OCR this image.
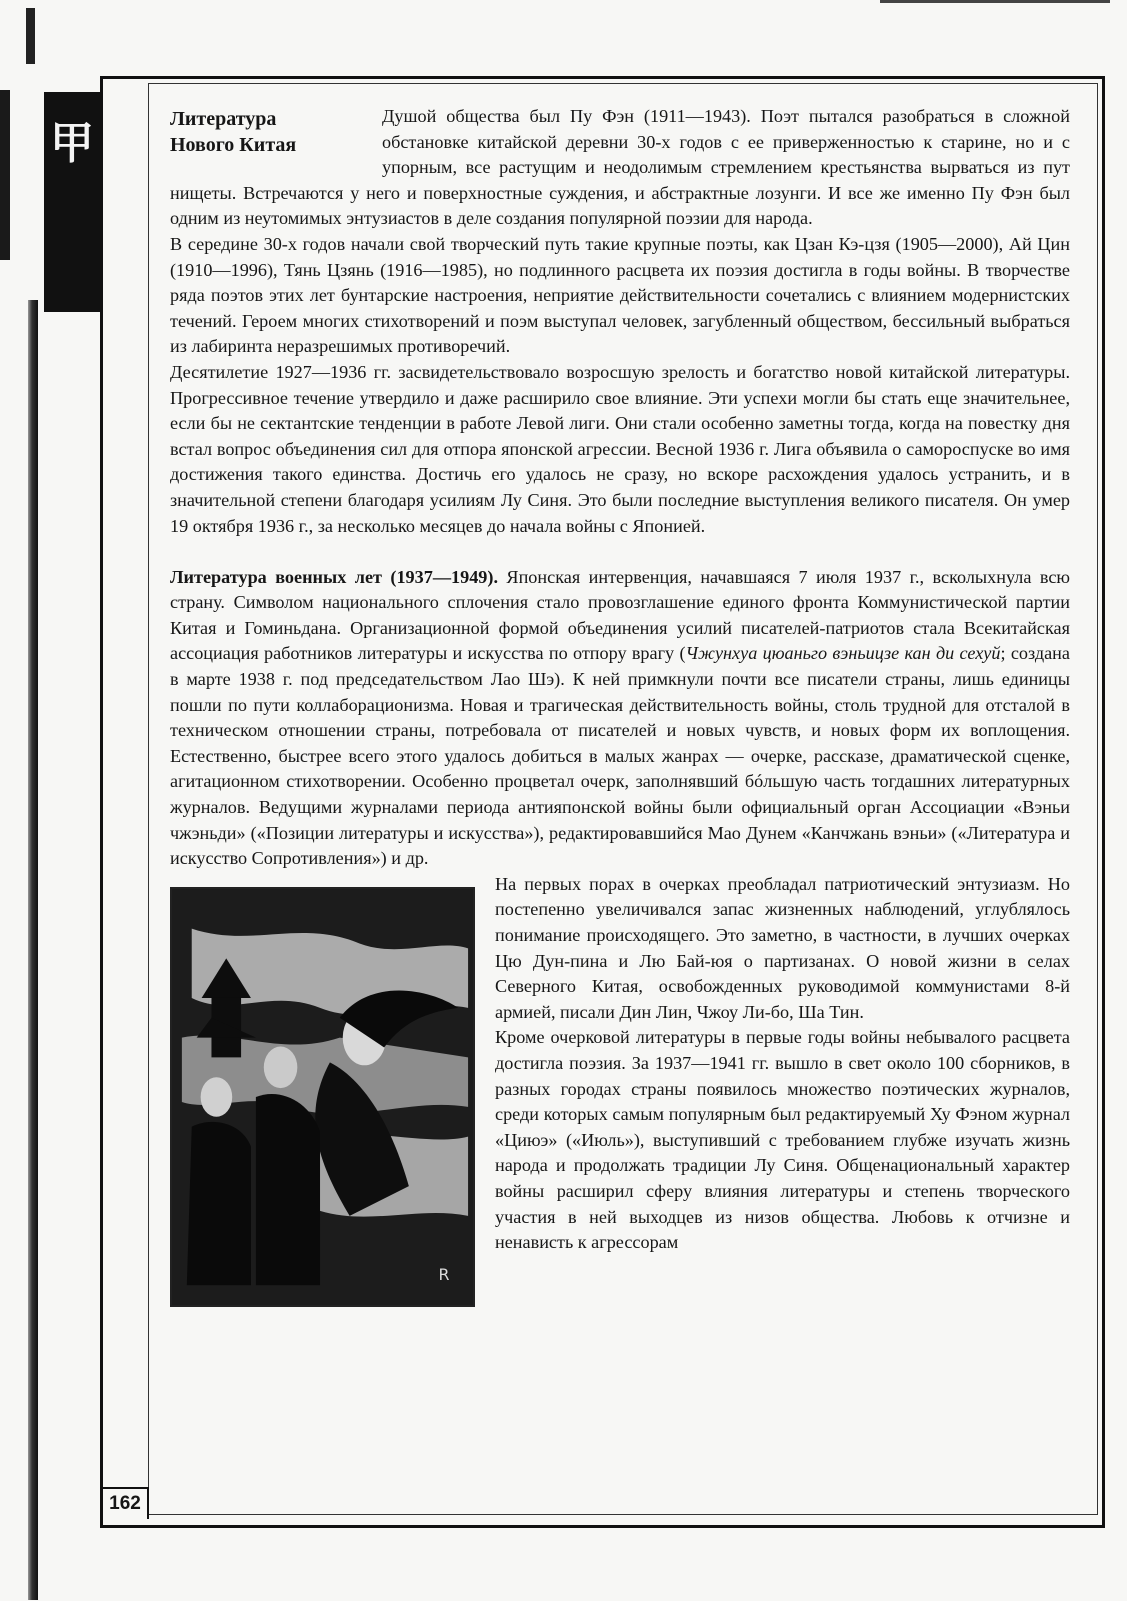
甲
162
Литература
Нового Китая

Душой общества был Пу Фэн (1911—1943). Поэт пытался разобраться в сложной обстановке китайской деревни 30-х годов с ее приверженностью к старине, но и с упорным, все растущим и неодолимым стремлением крестьянства вырваться из пут нищеты. Встречаются у него и поверхностные суждения, и абстрактные лозунги. И все же именно Пу Фэн был одним из неутомимых энтузиастов в деле создания популярной поэзии для народа.

В середине 30-х годов начали свой творческий путь такие крупные поэты, как Цзан Кэ-цзя (1905—2000), Ай Цин (1910—1996), Тянь Цзянь (1916—1985), но подлинного расцвета их поэзия достигла в годы войны. В творчестве ряда поэтов этих лет бунтарские настроения, неприятие действительности сочетались с влиянием модернистских течений. Героем многих стихотворений и поэм выступал человек, загубленный обществом, бессильный выбраться из лабиринта неразрешимых противоречий.

Десятилетие 1927—1936 гг. засвидетельствовало возросшую зрелость и богатство новой китайской литературы. Прогрессивное течение утвердило и даже расширило свое влияние. Эти успехи могли бы стать еще значительнее, если бы не сектантские тенденции в работе Левой лиги. Они стали особенно заметны тогда, когда на повестку дня встал вопрос объединения сил для отпора японской агрессии. Весной 1936 г. Лига объявила о самороспуске во имя достижения такого единства. Достичь его удалось не сразу, но вскоре расхождения удалось устранить, и в значительной степени благодаря усилиям Лу Синя. Это были последние выступления великого писателя. Он умер 19 октября 1936 г., за несколько месяцев до начала войны с Японией.

Литература военных лет (1937—1949). Японская интервенция, начавшаяся 7 июля 1937 г., всколыхнула всю страну. Символом национального сплочения стало провозглашение единого фронта Коммунистической партии Китая и Гоминьдана. Организационной формой объединения усилий писателей-патриотов стала Всекитайская ассоциация работников литературы и искусства по отпору врагу (Чжунхуа цюаньго вэньицзе кан ди сехуй; создана в марте 1938 г. под председательством Лао Шэ). К ней примкнули почти все писатели страны, лишь единицы пошли по пути коллаборационизма. Новая и трагическая действительность войны, столь трудной для отсталой в техническом отношении страны, потребовала от писателей и новых чувств, и новых форм их воплощения. Естественно, быстрее всего этого удалось добиться в малых жанрах — очерке, рассказе, драматической сценке, агитационном стихотворении. Особенно процветал очерк, заполнявший бóльшую часть тогдашних литературных журналов. Ведущими журналами периода антияпонской войны были официальный орган Ассоциации «Вэньи чжэньди» («Позиции литературы и искусства»), редактировавшийся Мао Дунем «Канчжань вэньи» («Литература и искусство Сопротивления») и др.

R

На первых порах в очерках преобладал патриотический энтузиазм. Но постепенно увеличивался запас жизненных наблюдений, углублялось понимание происходящего. Это заметно, в частности, в лучших очерках Цю Дун-пина и Лю Бай-юя о партизанах. О новой жизни в селах Северного Китая, освобожденных руководимой коммунистами 8-й армией, писали Дин Лин, Чжоу Ли-бо, Ша Тин.

Кроме очерковой литературы в первые годы войны небывалого расцвета достигла поэзия. За 1937—1941 гг. вышло в свет около 100 сборников, в разных городах страны появилось множество поэтических журналов, среди которых самым популярным был редактируемый Ху Фэном журнал «Циюэ» («Июль»), выступивший с требованием глубже изучать жизнь народа и продолжать традиции Лу Синя. Общенациональный характер войны расширил сферу влияния литературы и степень творческого участия в ней выходцев из низов общества. Любовь к отчизне и ненависть к агрессорам
